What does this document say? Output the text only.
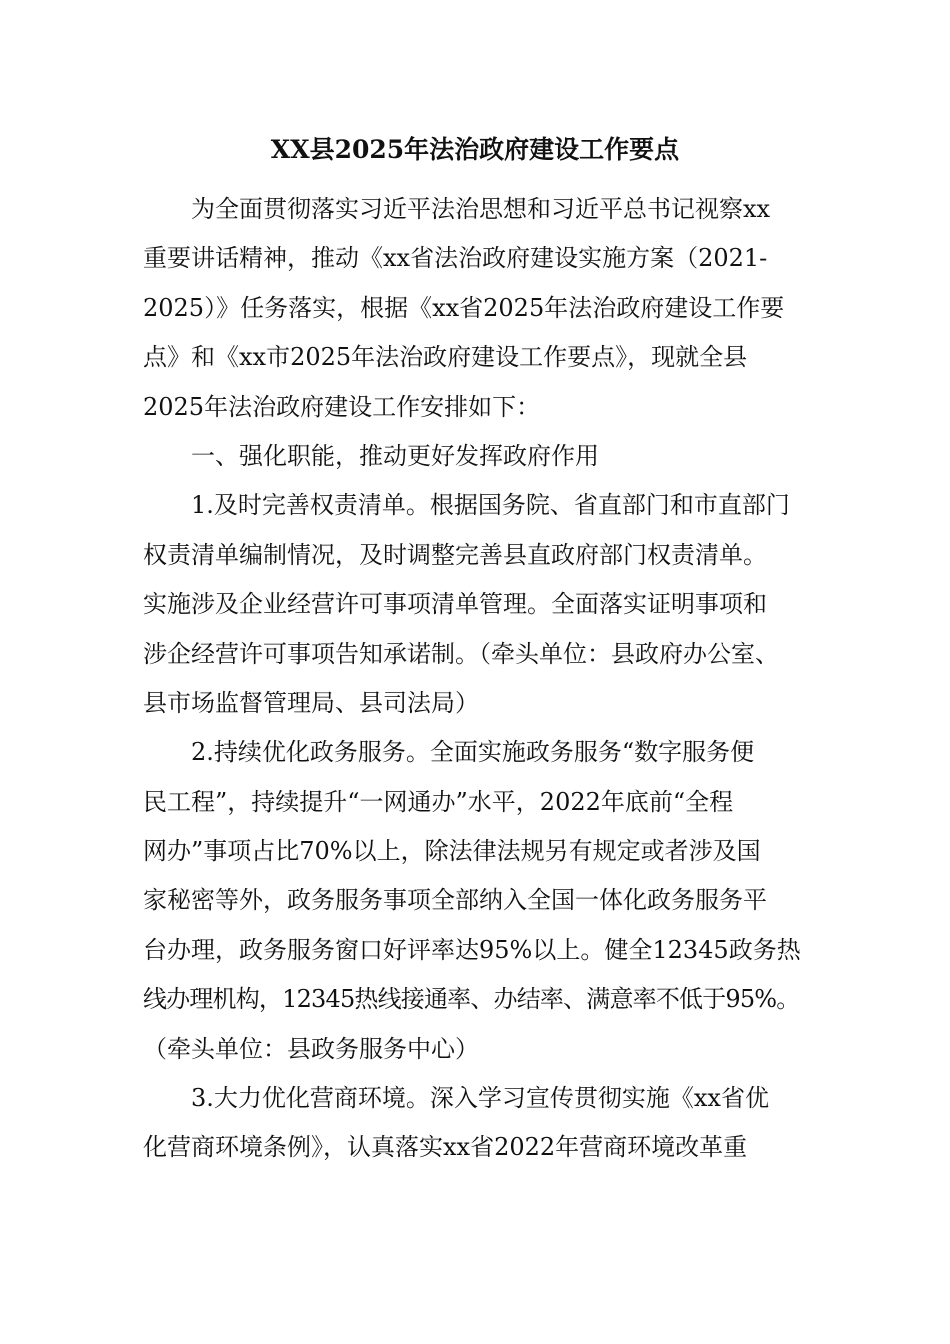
XX县2025年法治政府建设工作要点
为全面贯彻落实习近平法治思想和习近平总书记视察xx
重要讲话精神，推动《xx省法治政府建设实施方案（2021-
2025）》任务落实，根据《xx省2025年法治政府建设工作要
点》和《xx市2025年法治政府建设工作要点》，现就全县
2025年法治政府建设工作安排如下：
一、强化职能，推动更好发挥政府作用
1.及时完善权责清单。根据国务院、省直部门和市直部门
权责清单编制情况，及时调整完善县直政府部门权责清单。
实施涉及企业经营许可事项清单管理。全面落实证明事项和
涉企经营许可事项告知承诺制。（牵头单位：县政府办公室、
县市场监督管理局、县司法局）
2.持续优化政务服务。全面实施政务服务“数字服务便
民工程”，持续提升“一网通办”水平，2022年底前“全程
网办”事项占比70%以上，除法律法规另有规定或者涉及国
家秘密等外，政务服务事项全部纳入全国一体化政务服务平
台办理，政务服务窗口好评率达95%以上。健全12345政务热
线办理机构，12345热线接通率、办结率、满意率不低于95%。
（牵头单位：县政务服务中心）
3.大力优化营商环境。深入学习宣传贯彻实施《xx省优
化营商环境条例》，认真落实xx省2022年营商环境改革重
